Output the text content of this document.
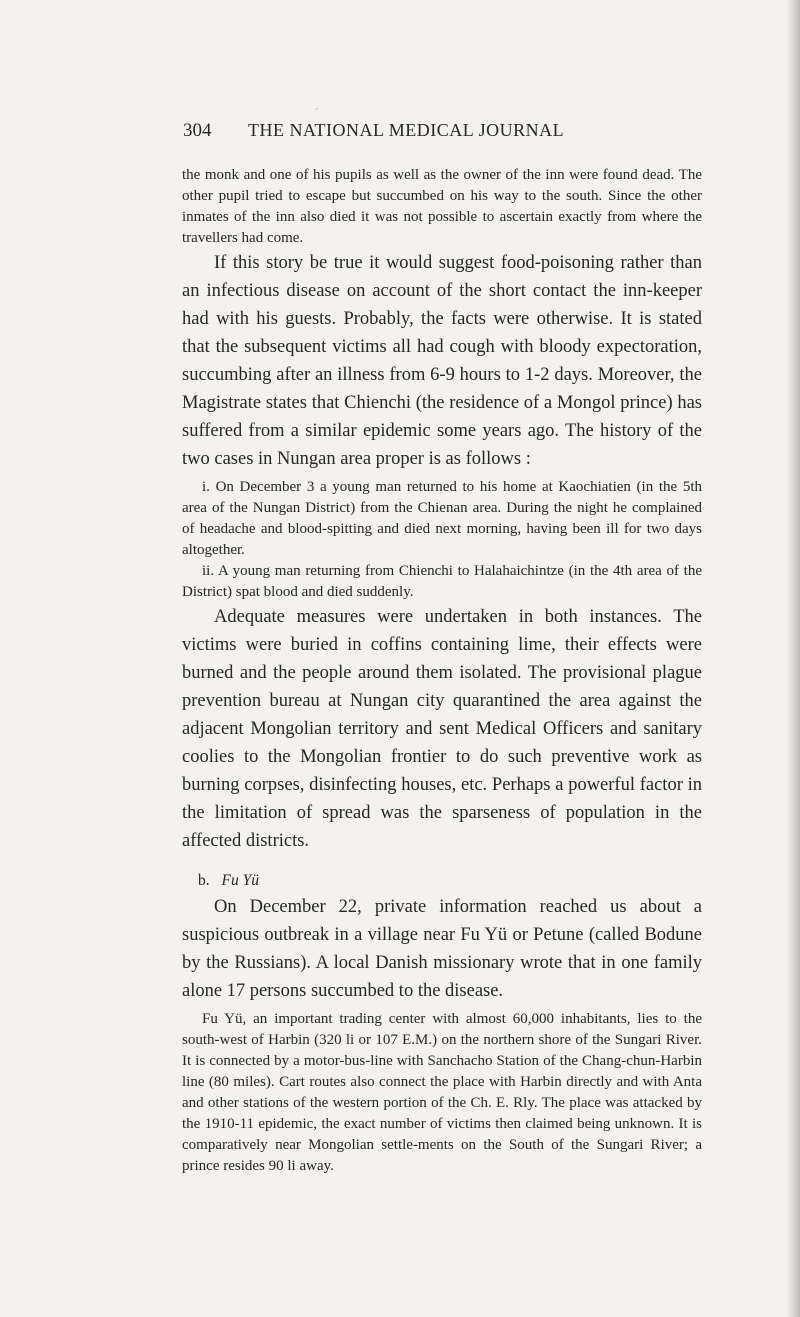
ˌ
304 THE NATIONAL MEDICAL JOURNAL

the monk and one of his pupils as well as the owner of the inn were found dead. The other pupil tried to escape but succumbed on his way to the south. Since the other inmates of the inn also died it was not possible to ascertain exactly from where the travellers had come.

If this story be true it would suggest food-poisoning rather than an infectious disease on account of the short contact the inn-keeper had with his guests. Probably, the facts were otherwise. It is stated that the subsequent victims all had cough with bloody expectoration, succumbing after an illness from 6-9 hours to 1-2 days. Moreover, the Magistrate states that Chienchi (the residence of a Mongol prince) has suffered from a similar epidemic some years ago. The history of the two cases in Nungan area proper is as follows :

i. On December 3 a young man returned to his home at Kaochiatien (in the 5th area of the Nungan District) from the Chienan area. During the night he complained of headache and blood-spitting and died next morning, having been ill for two days altogether.

ii. A young man returning from Chienchi to Halahaichintze (in the 4th area of the District) spat blood and died suddenly.

Adequate measures were undertaken in both instances. The victims were buried in coffins containing lime, their effects were burned and the people around them isolated. The provisional plague prevention bureau at Nungan city quarantined the area against the adjacent Mongolian territory and sent Medical Officers and sanitary coolies to the Mongolian frontier to do such preventive work as burning corpses, disinfecting houses, etc. Perhaps a powerful factor in the limitation of spread was the sparseness of population in the affected districts.

b. Fu Yü

On December 22, private information reached us about a suspicious outbreak in a village near Fu Yü or Petune (called Bodune by the Russians). A local Danish missionary wrote that in one family alone 17 persons succumbed to the disease.

Fu Yü, an important trading center with almost 60,000 inhabitants, lies to the south-west of Harbin (320 li or 107 E.M.) on the northern shore of the Sungari River. It is connected by a motor-bus-line with Sanchacho Station of the Chang-chun-Harbin line (80 miles). Cart routes also connect the place with Harbin directly and with Anta and other stations of the western portion of the Ch. E. Rly. The place was attacked by the 1910-11 epidemic, the exact number of victims then claimed being unknown. It is comparatively near Mongolian settle-ments on the South of the Sungari River; a prince resides 90 li away.
